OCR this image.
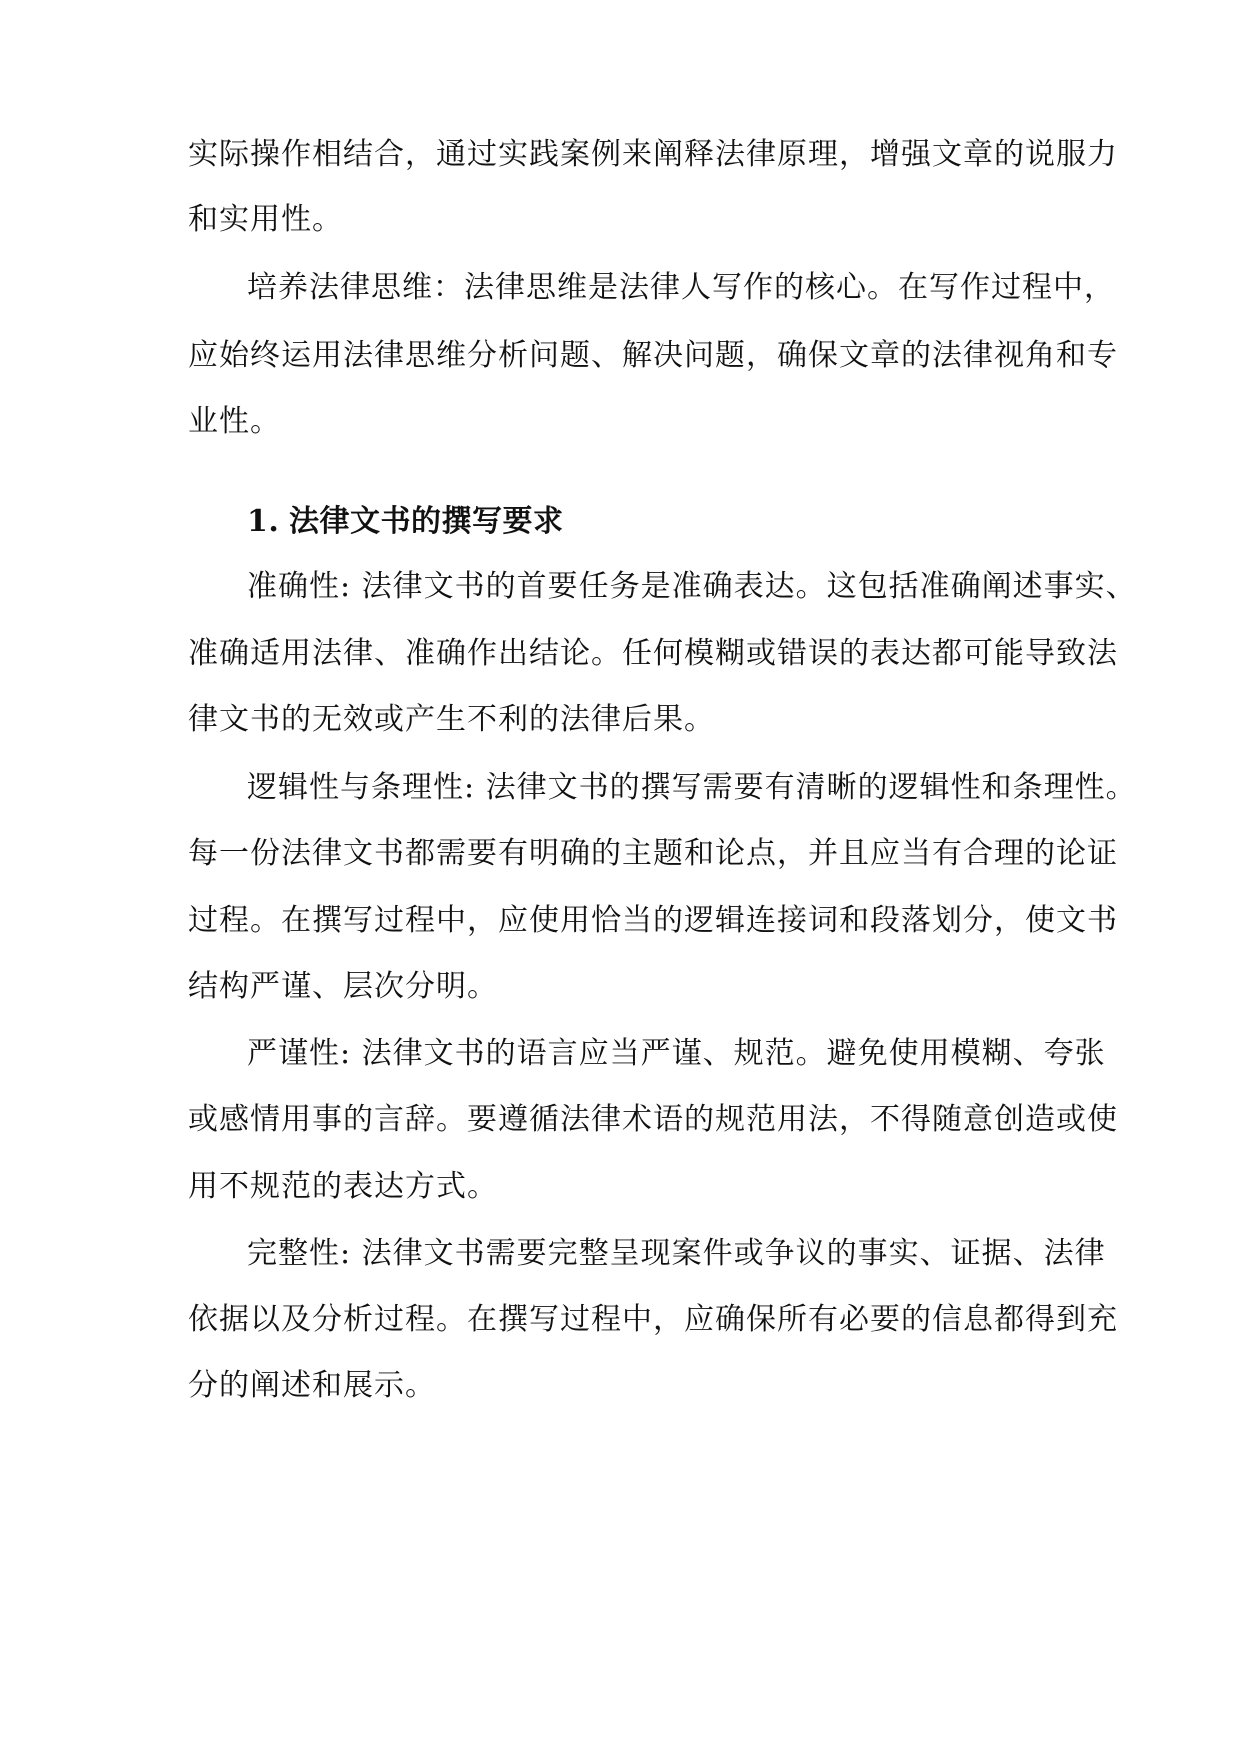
实际操作相结合，通过实践案例来阐释法律原理，增强文章的说服力
和实用性。
培养法律思维：法律思维是法律人写作的核心。在写作过程中，
应始终运用法律思维分析问题、解决问题，确保文章的法律视角和专
业性。
1. 法律文书的撰写要求
准确性: 法律文书的首要任务是准确表达。这包括准确阐述事实、
准确适用法律、准确作出结论。任何模糊或错误的表达都可能导致法
律文书的无效或产生不利的法律后果。
逻辑性与条理性: 法律文书的撰写需要有清晰的逻辑性和条理性。
每一份法律文书都需要有明确的主题和论点，并且应当有合理的论证
过程。在撰写过程中，应使用恰当的逻辑连接词和段落划分，使文书
结构严谨、层次分明。
严谨性: 法律文书的语言应当严谨、规范。避免使用模糊、夸张
或感情用事的言辞。要遵循法律术语的规范用法，不得随意创造或使
用不规范的表达方式。
完整性: 法律文书需要完整呈现案件或争议的事实、证据、法律
依据以及分析过程。在撰写过程中，应确保所有必要的信息都得到充
分的阐述和展示。
